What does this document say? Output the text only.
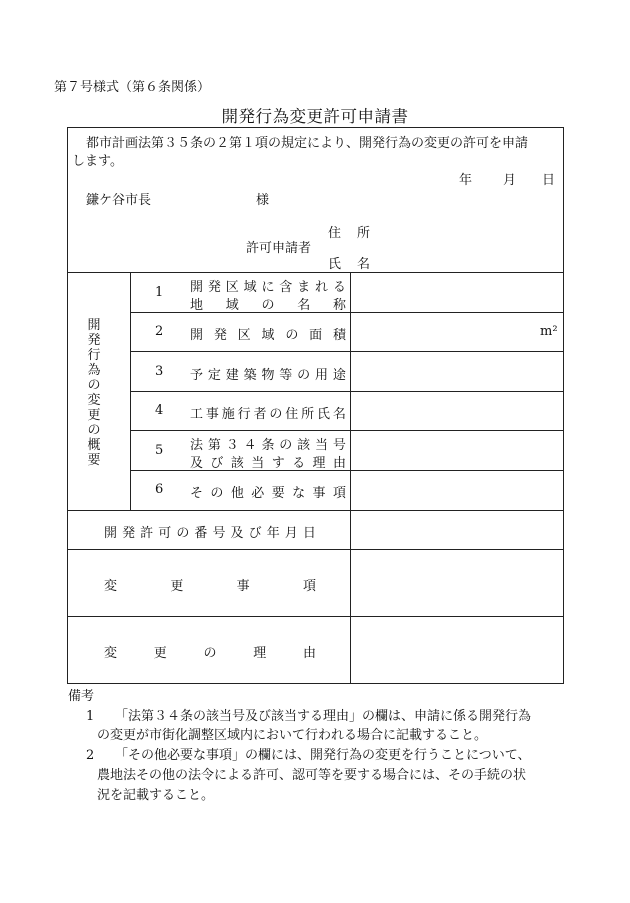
第７号様式（第６条関係）
開発行為変更許可申請書
都市計画法第３５条の２第１項の規定により、開発行為の変更の許可を申請
します。
年 月 日
鎌ケ谷市長	様
住 所
許可申請者
氏 名
開
発
行
為
の
変
更
の
概
要
1 開 発 区 域 に 含 ま れ る
地 域 の 名 称
2 開 発 区 域 の 面 積	m²
3 予 定 建 築 物 等 の 用 途
4 工 事 施 行 者 の 住 所 氏 名
5 法 第 ３ ４ 条 の 該 当 号
及 び 該 当 す る 理 由
6 そ の 他 必 要 な 事 項
開 発 許 可 の 番 号 及 び 年 月 日
変	更	事	項
変	更	の	理	由
備考
1 「法第３４条の該当号及び該当する理由」の欄は、申請に係る開発行為
の変更が市街化調整区域内において行われる場合に記載すること。
2 「その他必要な事項」の欄には、開発行為の変更を行うことについて、
農地法その他の法令による許可、認可等を要する場合には、その手続の状
況を記載すること。
